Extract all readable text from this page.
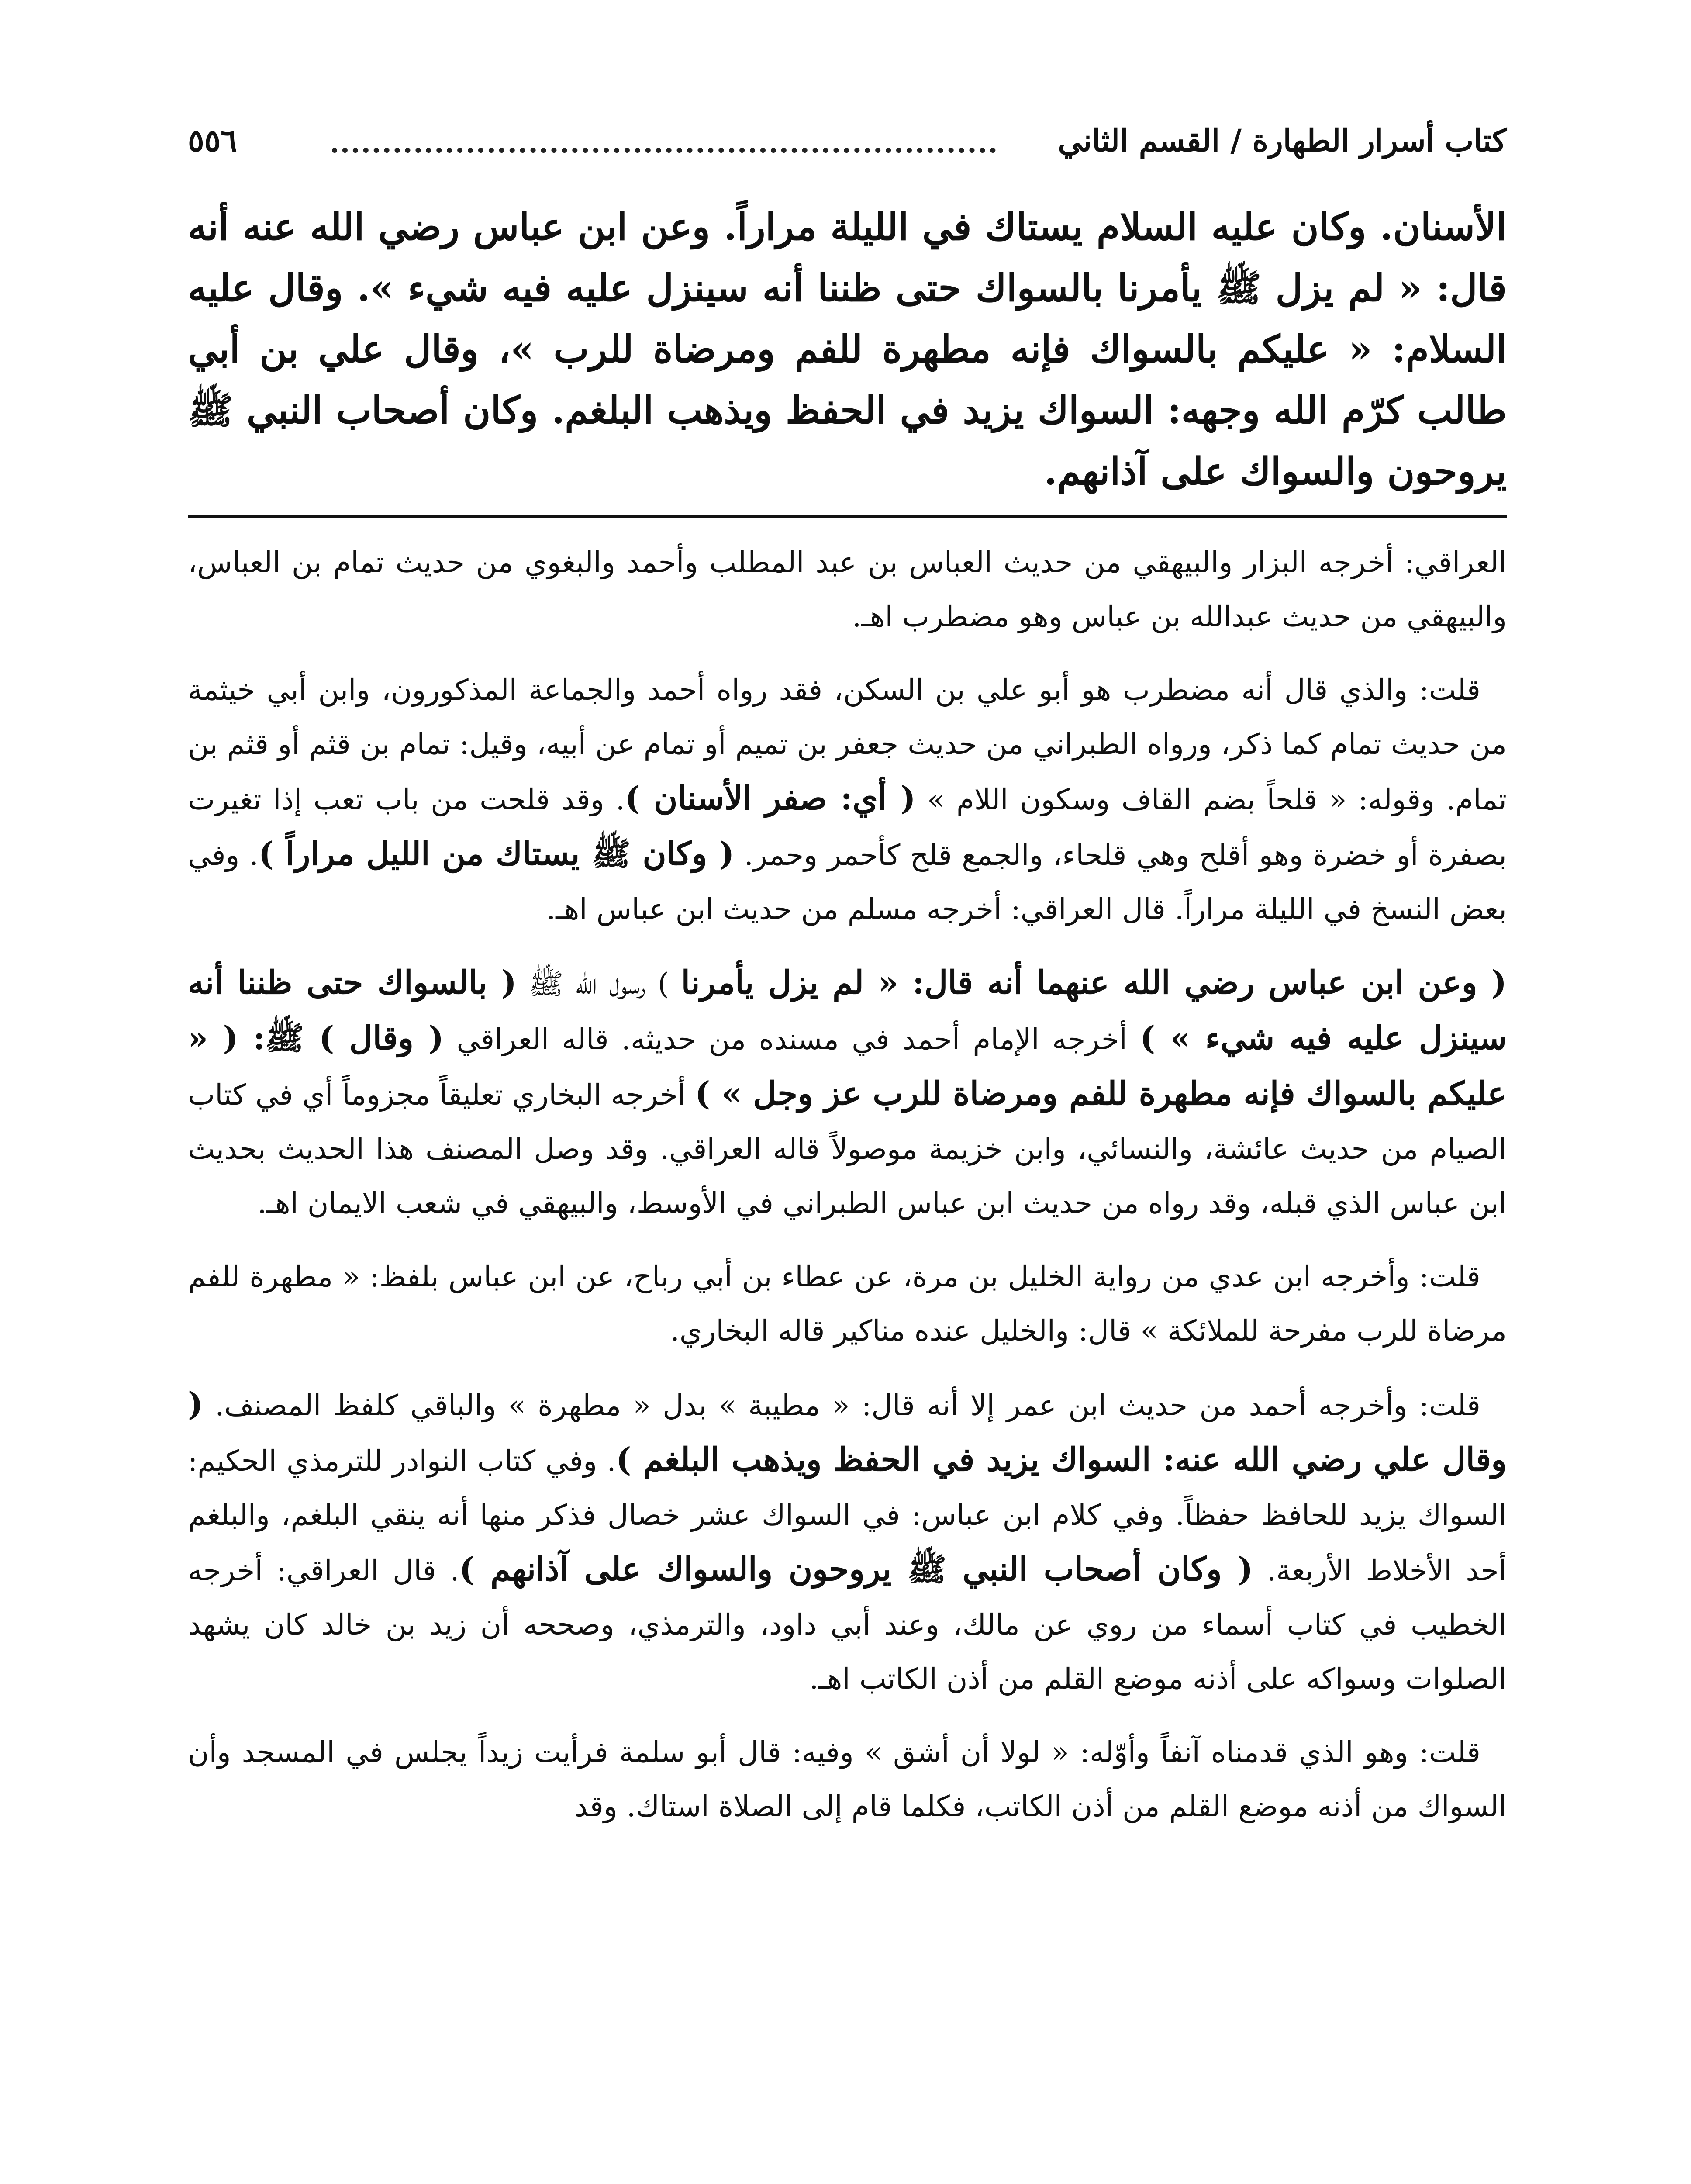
كتاب أسرار الطهارة / القسم الثاني
٥٥٦
الأسنان. وكان عليه السلام يستاك في الليلة مراراً. وعن ابن عباس رضي الله عنه أنه قال: « لم يزل ﷺ يأمرنا بالسواك حتى ظننا أنه سينزل عليه فيه شيء ». وقال عليه السلام: « عليكم بالسواك فإنه مطهرة للفم ومرضاة للرب »، وقال علي بن أبي طالب كرّم الله وجهه: السواك يزيد في الحفظ ويذهب البلغم. وكان أصحاب النبي ﷺ يروحون والسواك على آذانهم.

العراقي: أخرجه البزار والبيهقي من حديث العباس بن عبد المطلب وأحمد والبغوي من حديث تمام بن العباس، والبيهقي من حديث عبدالله بن عباس وهو مضطرب اهـ.

قلت: والذي قال أنه مضطرب هو أبو علي بن السكن، فقد رواه أحمد والجماعة المذكورون، وابن أبي خيثمة من حديث تمام كما ذكر، ورواه الطبراني من حديث جعفر بن تميم أو تمام عن أبيه، وقيل: تمام بن قثم أو قثم بن تمام. وقوله: « قلحاً بضم القاف وسكون اللام » ( أي: صفر الأسنان ). وقد قلحت من باب تعب إذا تغيرت بصفرة أو خضرة وهو أقلح وهي قلحاء، والجمع قلح كأحمر وحمر. ( وكان ﷺ يستاك من الليل مراراً ). وفي بعض النسخ في الليلة مراراً. قال العراقي: أخرجه مسلم من حديث ابن عباس اهـ.

( وعن ابن عباس رضي الله عنهما أنه قال: « لم يزل يأمرنا ) رسول الله ﷺ ( بالسواك حتى ظننا أنه سينزل عليه فيه شيء » ) أخرجه الإمام أحمد في مسنده من حديثه. قاله العراقي ( وقال ) ﷺ: ( « عليكم بالسواك فإنه مطهرة للفم ومرضاة للرب عز وجل » ) أخرجه البخاري تعليقاً مجزوماً أي في كتاب الصيام من حديث عائشة، والنسائي، وابن خزيمة موصولاً قاله العراقي. وقد وصل المصنف هذا الحديث بحديث ابن عباس الذي قبله، وقد رواه من حديث ابن عباس الطبراني في الأوسط، والبيهقي في شعب الايمان اهـ.

قلت: وأخرجه ابن عدي من رواية الخليل بن مرة، عن عطاء بن أبي رباح، عن ابن عباس بلفظ: « مطهرة للفم مرضاة للرب مفرحة للملائكة » قال: والخليل عنده مناكير قاله البخاري.

قلت: وأخرجه أحمد من حديث ابن عمر إلا أنه قال: « مطيبة » بدل « مطهرة » والباقي كلفظ المصنف. ( وقال علي رضي الله عنه: السواك يزيد في الحفظ ويذهب البلغم ). وفي كتاب النوادر للترمذي الحكيم: السواك يزيد للحافظ حفظاً. وفي كلام ابن عباس: في السواك عشر خصال فذكر منها أنه ينقي البلغم، والبلغم أحد الأخلاط الأربعة. ( وكان أصحاب النبي ﷺ يروحون والسواك على آذانهم ). قال العراقي: أخرجه الخطيب في كتاب أسماء من روي عن مالك، وعند أبي داود، والترمذي، وصححه أن زيد بن خالد كان يشهد الصلوات وسواكه على أذنه موضع القلم من أذن الكاتب اهـ.

قلت: وهو الذي قدمناه آنفاً وأوّله: « لولا أن أشق » وفيه: قال أبو سلمة فرأيت زيداً يجلس في المسجد وأن السواك من أذنه موضع القلم من أذن الكاتب، فكلما قام إلى الصلاة استاك. وقد
